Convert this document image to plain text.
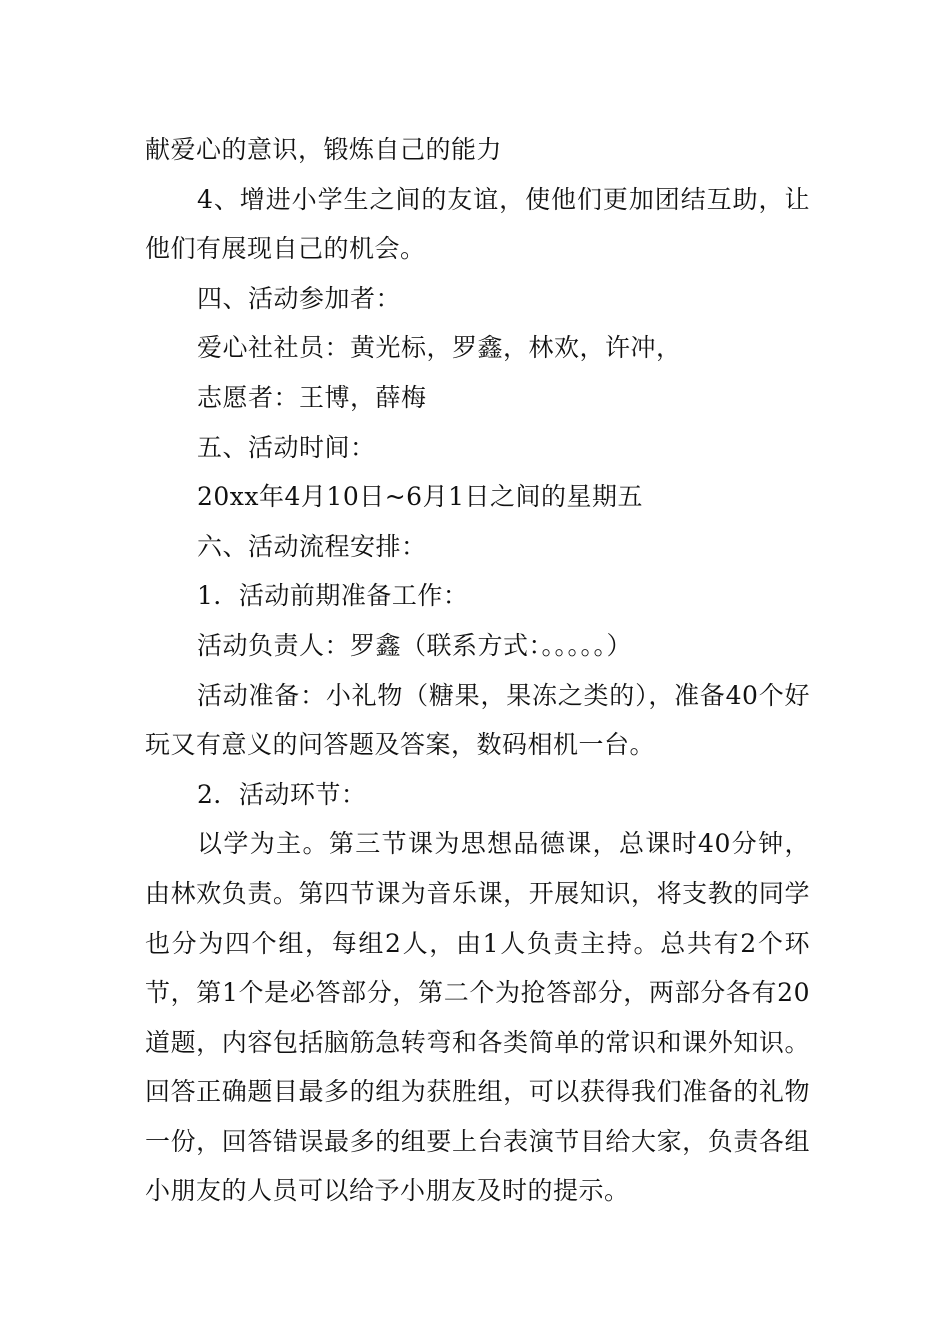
献爱心的意识，锻炼自己的能力

4、增进小学生之间的友谊，使他们更加团结互助，让他们有展现自己的机会。

四、活动参加者：

爱心社社员：黄光标，罗鑫，林欢，许冲，

志愿者：王博，薛梅

五、活动时间：

20xx年4月10日~6月1日之间的星期五

六、活动流程安排：

1．活动前期准备工作：

活动负责人：罗鑫（联系方式：。。。。。）

活动准备：小礼物（糖果，果冻之类的），准备40个好玩又有意义的问答题及答案，数码相机一台。

2．活动环节：

以学为主。第三节课为思想品德课，总课时40分钟，由林欢负责。第四节课为音乐课，开展知识，将支教的同学也分为四个组，每组2人，由1人负责主持。总共有2个环节，第1个是必答部分，第二个为抢答部分，两部分各有20道题，内容包括脑筋急转弯和各类简单的常识和课外知识。回答正确题目最多的组为获胜组，可以获得我们准备的礼物一份，回答错误最多的组要上台表演节目给大家，负责各组小朋友的人员可以给予小朋友及时的提示。
